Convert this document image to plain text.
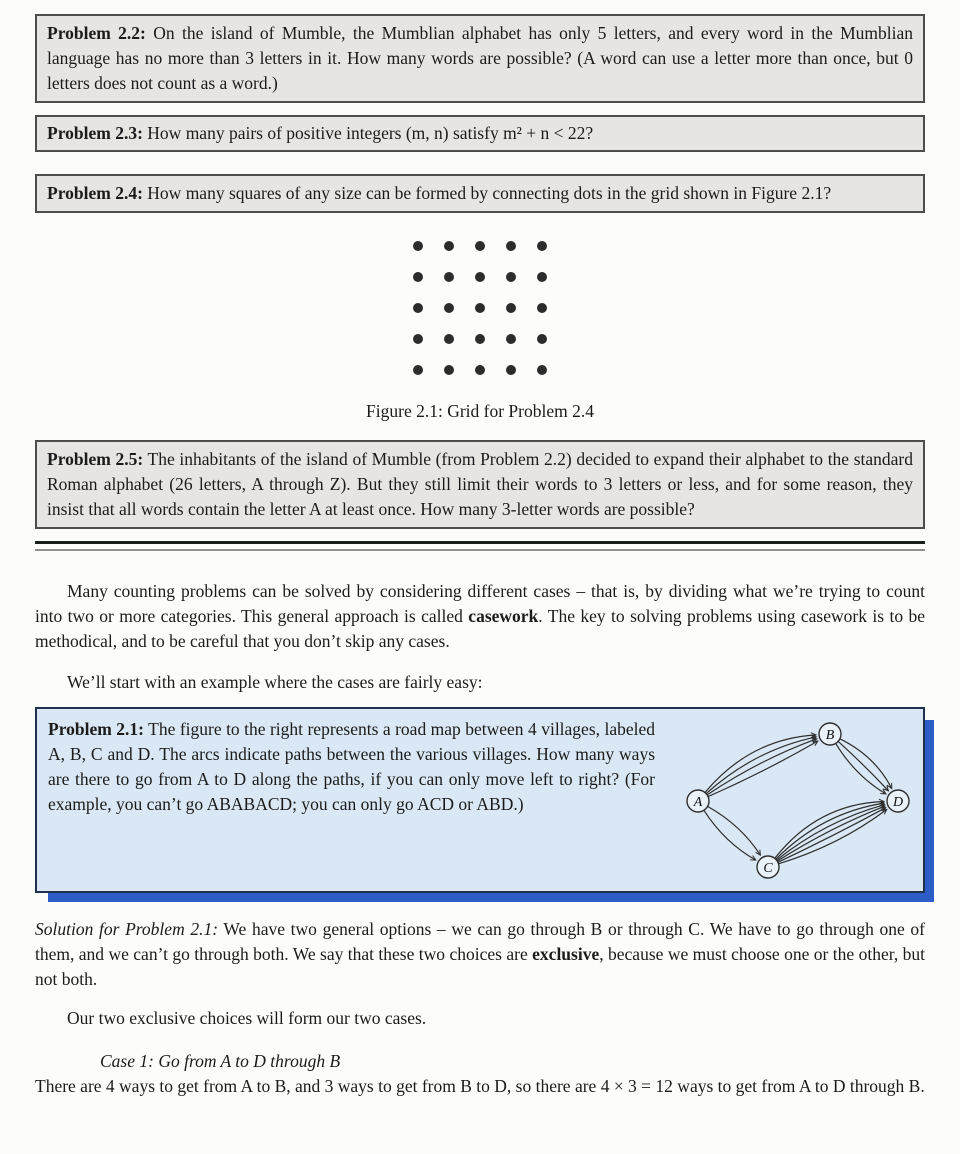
Problem 2.2: On the island of Mumble, the Mumblian alphabet has only 5 letters, and every word in the Mumblian language has no more than 3 letters in it. How many words are possible? (A word can use a letter more than once, but 0 letters does not count as a word.)
Problem 2.3: How many pairs of positive integers (m, n) satisfy m² + n < 22?
Problem 2.4: How many squares of any size can be formed by connecting dots in the grid shown in Figure 2.1?
Figure 2.1: Grid for Problem 2.4
Problem 2.5: The inhabitants of the island of Mumble (from Problem 2.2) decided to expand their alphabet to the standard Roman alphabet (26 letters, A through Z). But they still limit their words to 3 letters or less, and for some reason, they insist that all words contain the letter A at least once. How many 3-letter words are possible?

Many counting problems can be solved by considering different cases – that is, by dividing what we’re trying to count into two or more categories. This general approach is called casework. The key to solving problems using casework is to be methodical, and to be careful that you don’t skip any cases.

We’ll start with an example where the cases are fairly easy:

Problem 2.1: The figure to the right represents a road map between 4 villages, labeled A, B, C and D. The arcs indicate paths between the various villages. How many ways are there to go from A to D along the paths, if you can only move left to right? (For example, you can’t go ABABACD; you can only go ACD or ABD.)	A
B
C
D

Solution for Problem 2.1: We have two general options – we can go through B or through C. We have to go through one of them, and we can’t go through both. We say that these two choices are exclusive, because we must choose one or the other, but not both.

Our two exclusive choices will form our two cases.

Case 1: Go from A to D through B

There are 4 ways to get from A to B, and 3 ways to get from B to D, so there are 4 × 3 = 12 ways to get from A to D through B.
